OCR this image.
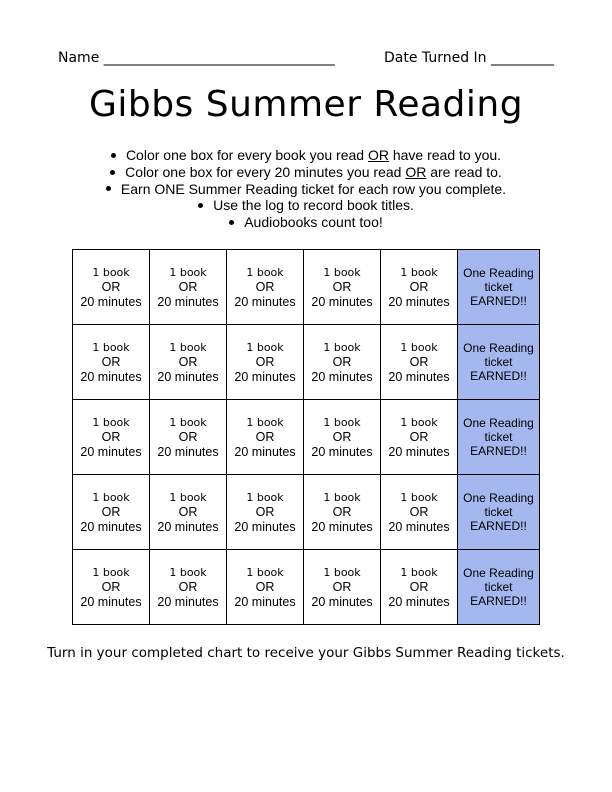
Name _________________________________	Date Turned In _________
Gibbs Summer Reading
Color one box for every book you read OR have read to you.
Color one box for every 20 minutes you read OR are read to.
Earn ONE Summer Reading ticket for each row you complete.
Use the log to record book titles.
Audiobooks count too!
1 book
OR
20 minutes	1 book
OR
20 minutes	1 book
OR
20 minutes	1 book
OR
20 minutes	1 book
OR
20 minutes	One Reading
ticket
EARNED!!

1 book
OR
20 minutes	1 book
OR
20 minutes	1 book
OR
20 minutes	1 book
OR
20 minutes	1 book
OR
20 minutes	One Reading
ticket
EARNED!!

1 book
OR
20 minutes	1 book
OR
20 minutes	1 book
OR
20 minutes	1 book
OR
20 minutes	1 book
OR
20 minutes	One Reading
ticket
EARNED!!

1 book
OR
20 minutes	1 book
OR
20 minutes	1 book
OR
20 minutes	1 book
OR
20 minutes	1 book
OR
20 minutes	One Reading
ticket
EARNED!!

1 book
OR
20 minutes	1 book
OR
20 minutes	1 book
OR
20 minutes	1 book
OR
20 minutes	1 book
OR
20 minutes	One Reading
ticket
EARNED!!
Turn in your completed chart to receive your Gibbs Summer Reading tickets.
